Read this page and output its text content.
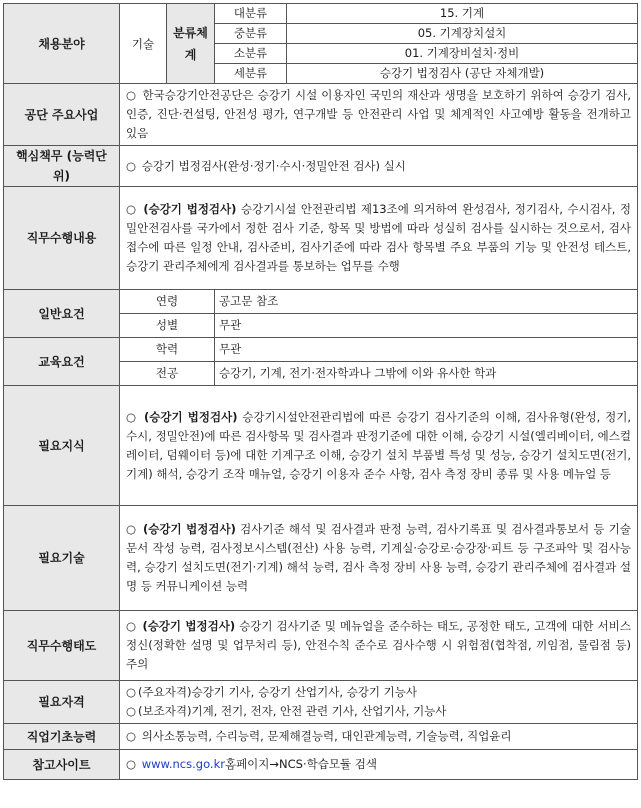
채용분야	기술	분류체계	대분류	15. 기계
			중분류	05. 기계장치설치
			소분류	01. 기계장비설치·정비
			세분류	승강기 법정검사 (공단 자체개발)
공단 주요사업	○ 한국승강기안전공단은 승강기 시설 이용자인 국민의 재산과 생명을 보호하기 위하여 승강기 검사, 인증, 진단·컨설팅, 안전성 평가, 연구개발 등 안전관리 사업 및 체계적인 사고예방 활동을 전개하고 있음			
핵심책무 (능력단위)	○ 승강기 법정검사(완성·정기·수시·정밀안전 검사) 실시			
직무수행내용	○ (승강기 법정검사) 승강기시설 안전관리법 제13조에 의거하여 완성검사, 정기검사, 수시검사, 정밀안전검사를 국가에서 정한 검사 기준, 항목 및 방법에 따라 성실히 검사를 실시하는 것으로서, 검사 접수에 따른 일정 안내, 검사준비, 검사기준에 따라 검사 항목별 주요 부품의 기능 및 안전성 테스트, 승강기 관리주체에게 검사결과를 통보하는 업무를 수행			
일반요건	연령		공고문 참조	
	성별		무관	
교육요건	학력		무관	
	전공		승강기, 기계, 전기·전자학과나 그밖에 이와 유사한 학과	
필요지식	○ (승강기 법정검사) 승강기시설안전관리법에 따른 승강기 검사기준의 이해, 검사유형(완성, 정기, 수시, 정밀안전)에 따른 검사항목 및 검사결과 판정기준에 대한 이해, 승강기 시설(엘리베이터, 에스컬레이터, 덤웨이터 등)에 대한 기계구조 이해, 승강기 설치 부품별 특성 및 성능, 승강기 설치도면(전기, 기계) 해석, 승강기 조작 매뉴얼, 승강기 이용자 준수 사항, 검사 측정 장비 종류 및 사용 메뉴얼 등			
필요기술	○ (승강기 법정검사) 검사기준 해석 및 검사결과 판정 능력, 검사기록표 및 검사결과통보서 등 기술문서 작성 능력, 검사정보시스템(전산) 사용 능력, 기계실·승강로·승강장·피트 등 구조파악 및 검사능력, 승강기 설치도면(전기·기계) 해석 능력, 검사 측정 장비 사용 능력, 승강기 관리주체에 검사결과 설명 등 커뮤니케이션 능력			
직무수행태도	○ (승강기 법정검사) 승강기 검사기준 및 메뉴얼을 준수하는 태도, 공정한 태도, 고객에 대한 서비스 정신(정확한 설명 및 업무처리 등), 안전수칙 준수로 검사수행 시 위험점(협착점, 끼임점, 물림점 등) 주의			
필요자격	○ (주요자격)승강기 기사, 승강기 산업기사, 승강기 기능사
○ (보조자격)기계, 전기, 전자, 안전 관련 기사, 산업기사, 기능사			

직업기초능력	○ 의사소통능력, 수리능력, 문제해결능력, 대인관계능력, 기술능력, 직업윤리			
참고사이트	○ www.ncs.go.kr홈페이지→NCS·학습모듈 검색			
